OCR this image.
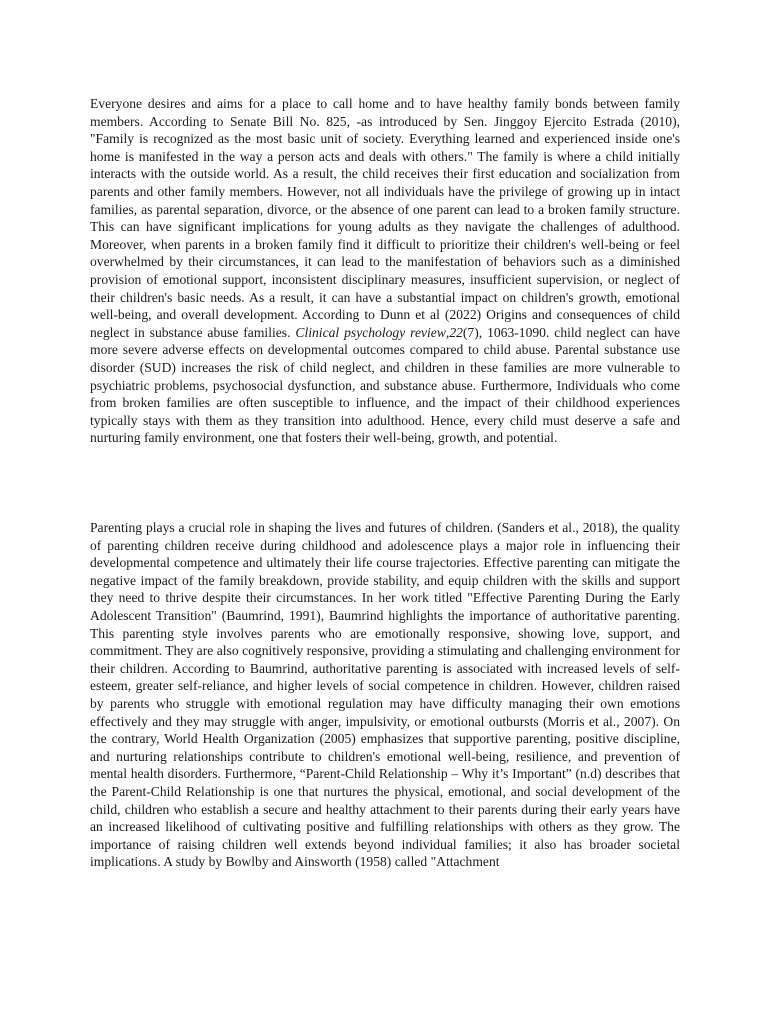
Everyone desires and aims for a place to call home and to have healthy family bonds between family members. According to Senate Bill No. 825, -as introduced by Sen. Jinggoy Ejercito Estrada (2010), "Family is recognized as the most basic unit of society. Everything learned and experienced inside one's home is manifested in the way a person acts and deals with others." The family is where a child initially interacts with the outside world. As a result, the child receives their first education and socialization from parents and other family members. However, not all individuals have the privilege of growing up in intact families, as parental separation, divorce, or the absence of one parent can lead to a broken family structure. This can have significant implications for young adults as they navigate the challenges of adulthood. Moreover, when parents in a broken family find it difficult to prioritize their children's well-being or feel overwhelmed by their circumstances, it can lead to the manifestation of behaviors such as a diminished provision of emotional support, inconsistent disciplinary measures, insufficient supervision, or neglect of their children's basic needs. As a result, it can have a substantial impact on children's growth, emotional well-being, and overall development. According to Dunn et al (2022) Origins and consequences of child neglect in substance abuse families. Clinical psychology review,22(7), 1063-1090. child neglect can have more severe adverse effects on developmental outcomes compared to child abuse. Parental substance use disorder (SUD) increases the risk of child neglect, and children in these families are more vulnerable to psychiatric problems, psychosocial dysfunction, and substance abuse. Furthermore, Individuals who come from broken families are often susceptible to influence, and the impact of their childhood experiences typically stays with them as they transition into adulthood. Hence, every child must deserve a safe and nurturing family environment, one that fosters their well-being, growth, and potential.

Parenting plays a crucial role in shaping the lives and futures of children. (Sanders et al., 2018), the quality of parenting children receive during childhood and adolescence plays a major role in influencing their developmental competence and ultimately their life course trajectories. Effective parenting can mitigate the negative impact of the family breakdown, provide stability, and equip children with the skills and support they need to thrive despite their circumstances. In her work titled "Effective Parenting During the Early Adolescent Transition" (Baumrind, 1991), Baumrind highlights the importance of authoritative parenting. This parenting style involves parents who are emotionally responsive, showing love, support, and commitment. They are also cognitively responsive, providing a stimulating and challenging environment for their children. According to Baumrind, authoritative parenting is associated with increased levels of self-esteem, greater self-reliance, and higher levels of social competence in children. However, children raised by parents who struggle with emotional regulation may have difficulty managing their own emotions effectively and they may struggle with anger, impulsivity, or emotional outbursts (Morris et al., 2007). On the contrary, World Health Organization (2005) emphasizes that supportive parenting, positive discipline, and nurturing relationships contribute to children's emotional well-being, resilience, and prevention of mental health disorders. Furthermore, “Parent-Child Relationship – Why it’s Important” (n.d) describes that the Parent-Child Relationship is one that nurtures the physical, emotional, and social development of the child, children who establish a secure and healthy attachment to their parents during their early years have an increased likelihood of cultivating positive and fulfilling relationships with others as they grow. The importance of raising children well extends beyond individual families; it also has broader societal implications. A study by Bowlby and Ainsworth (1958) called "Attachment
